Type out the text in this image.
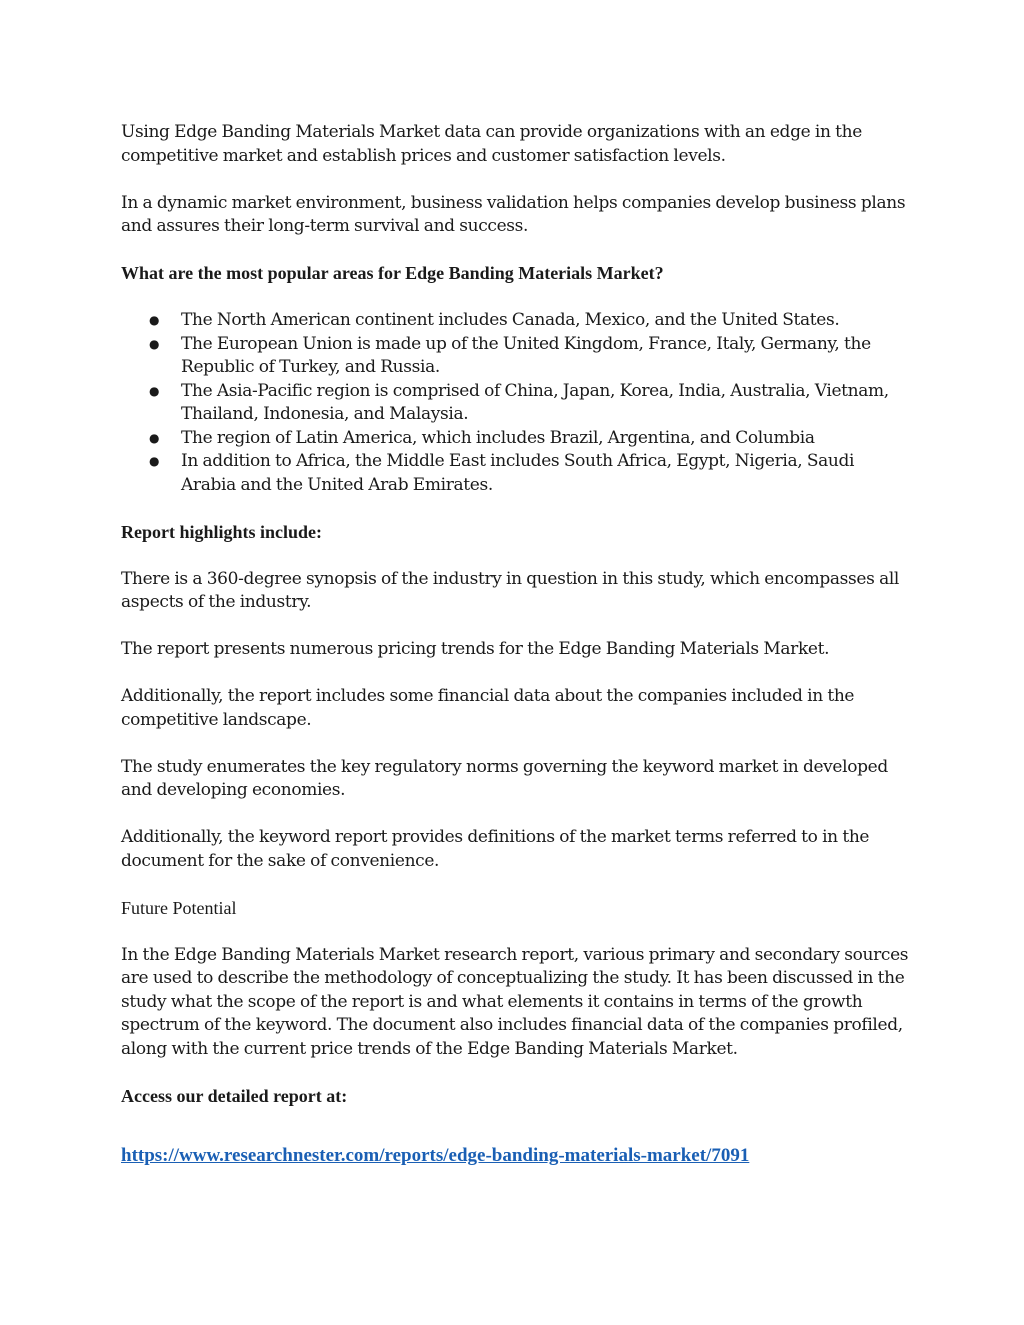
Using Edge Banding Materials Market data can provide organizations with an edge in the competitive market and establish prices and customer satisfaction levels.

In a dynamic market environment, business validation helps companies develop business plans and assures their long-term survival and success.

What are the most popular areas for Edge Banding Materials Market?

● The North American continent includes Canada, Mexico, and the United States.
● The European Union is made up of the United Kingdom, France, Italy, Germany, the Republic of Turkey, and Russia.
● The Asia-Pacific region is comprised of China, Japan, Korea, India, Australia, Vietnam, Thailand, Indonesia, and Malaysia.
● The region of Latin America, which includes Brazil, Argentina, and Columbia
● In addition to Africa, the Middle East includes South Africa, Egypt, Nigeria, Saudi Arabia and the United Arab Emirates.

Report highlights include:

There is a 360-degree synopsis of the industry in question in this study, which encompasses all aspects of the industry.

The report presents numerous pricing trends for the Edge Banding Materials Market.

Additionally, the report includes some financial data about the companies included in the competitive landscape.

The study enumerates the key regulatory norms governing the keyword market in developed and developing economies.

Additionally, the keyword report provides definitions of the market terms referred to in the document for the sake of convenience.

Future Potential

In the Edge Banding Materials Market research report, various primary and secondary sources are used to describe the methodology of conceptualizing the study. It has been discussed in the study what the scope of the report is and what elements it contains in terms of the growth spectrum of the keyword. The document also includes financial data of the companies profiled, along with the current price trends of the Edge Banding Materials Market.

Access our detailed report at:

https://www.researchnester.com/reports/edge-banding-materials-market/7091
